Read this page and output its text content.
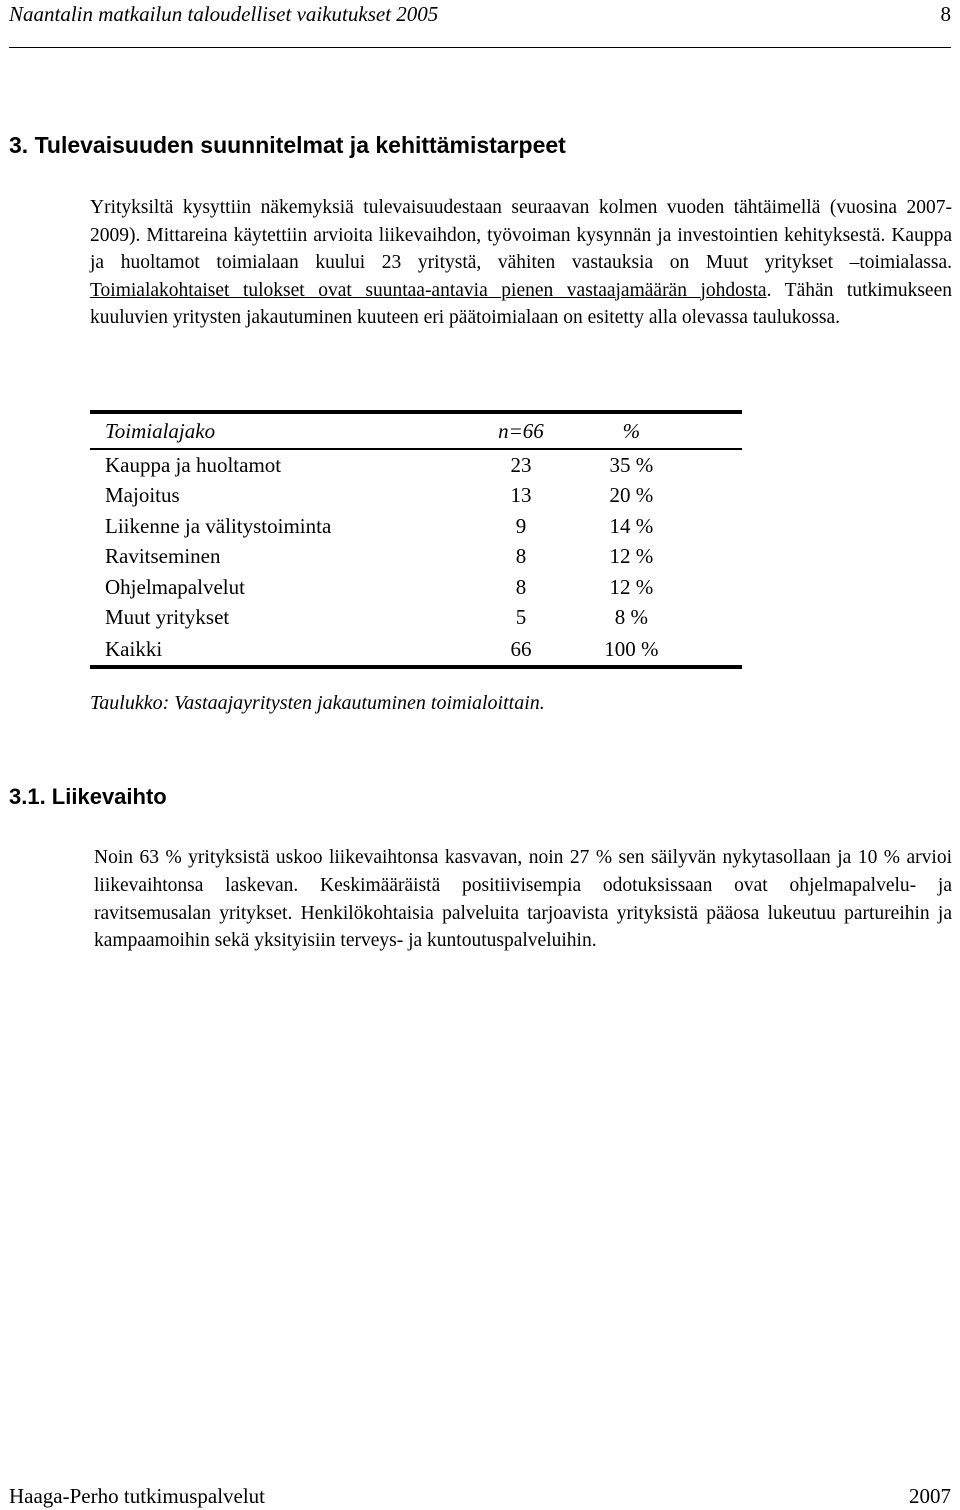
Naantalin matkailun taloudelliset vaikutukset 2005	8
3. Tulevaisuuden suunnitelmat ja kehittämistarpeet

Yrityksiltä kysyttiin näkemyksiä tulevaisuudestaan seuraavan kolmen vuoden tähtäimellä (vuosina 2007-2009). Mittareina käytettiin arvioita liikevaihdon, työvoiman kysynnän ja investointien kehityksestä. Kauppa ja huoltamot toimialaan kuului 23 yritystä, vähiten vastauksia on Muut yritykset –toimialassa. Toimialakohtaiset tulokset ovat suuntaa-antavia pienen vastaajamäärän johdosta. Tähän tutkimukseen kuuluvien yritysten jakautuminen kuuteen eri päätoimialaan on esitetty alla olevassa taulukossa.

Toimialajako	n=66	%	
Kauppa ja huoltamot	23	35 %	
Majoitus	13	20 %	
Liikenne ja välitystoiminta	9	14 %	
Ravitseminen	8	12 %	
Ohjelmapalvelut	8	12 %	
Muut yritykset	5	8 %	
Kaikki	66	100 %	
Taulukko: Vastaajayritysten jakautuminen toimialoittain.
3.1. Liikevaihto

Noin 63 % yrityksistä uskoo liikevaihtonsa kasvavan, noin 27 % sen säilyvän nykytasollaan ja 10 % arvioi liikevaihtonsa laskevan. Keskimääräistä positiivisempia odotuksissaan ovat ohjelmapalvelu- ja ravitsemusalan yritykset. Henkilökohtaisia palveluita tarjoavista yrityksistä pääosa lukeutuu partureihin ja kampaamoihin sekä yksityisiin terveys- ja kuntoutuspalveluihin.

Haaga-Perho tutkimuspalvelut	2007
